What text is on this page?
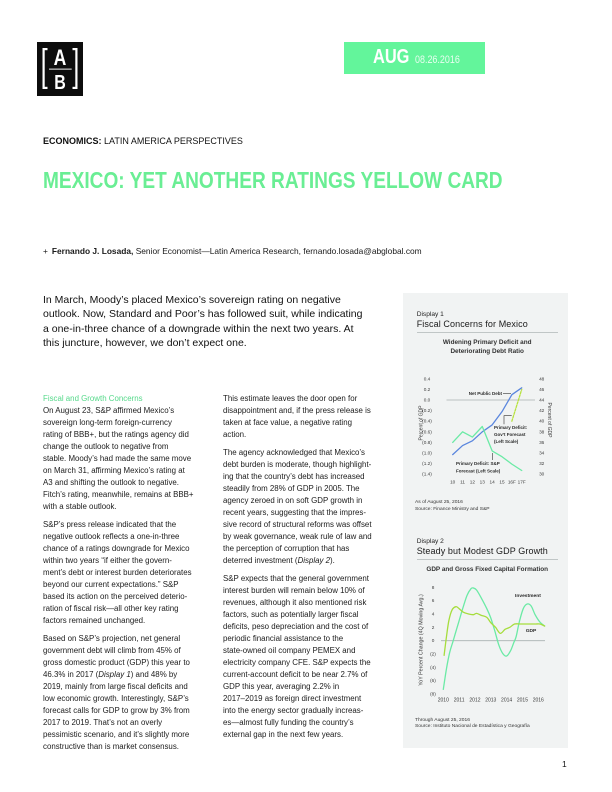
A
B
AUG 08.26.2016
ECONOMICS: LATIN AMERICA PERSPECTIVES
MEXICO: YET ANOTHER RATINGS YELLOW CARD
+ Fernando J. Losada, Senior Economist—Latin America Research, fernando.losada@abglobal.com
In March, Moody’s placed Mexico’s sovereign rating on negative
outlook. Now, Standard and Poor’s has followed suit, while indicating
a one-in-three chance of a downgrade within the next two years. At
this juncture, however, we don’t expect one.
Fiscal and Growth Concerns
On August 23, S&P affirmed Mexico’s
sovereign long-term foreign-currency
rating of BBB+, but the ratings agency did
change the outlook to negative from
stable. Moody’s had made the same move
on March 31, affirming Mexico’s rating at
A3 and shifting the outlook to negative.
Fitch’s rating, meanwhile, remains at BBB+
with a stable outlook.
S&P’s press release indicated that the
negative outlook reflects a one-in-three
chance of a ratings downgrade for Mexico
within two years “if either the govern-
ment’s debt or interest burden deteriorates
beyond our current expectations.” S&P
based its action on the perceived deterio-
ration of fiscal risk—all other key rating
factors remained unchanged.
Based on S&P’s projection, net general
government debt will climb from 45% of
gross domestic product (GDP) this year to
46.3% in 2017 (Display 1) and 48% by
2019, mainly from large fiscal deficits and
low economic growth. Interestingly, S&P’s
forecast calls for GDP to grow by 3% from
2017 to 2019. That’s not an overly
pessimistic scenario, and it’s slightly more
constructive than is market consensus.
This estimate leaves the door open for
disappointment and, if the press release is
taken at face value, a negative rating
action.
The agency acknowledged that Mexico’s
debt burden is moderate, though highlight-
ing that the country’s debt has increased
steadily from 28% of GDP in 2005. The
agency zeroed in on soft GDP growth in
recent years, suggesting that the impres-
sive record of structural reforms was offset
by weak governance, weak rule of law and
the perception of corruption that has
deterred investment (Display 2).
S&P expects that the general government
interest burden will remain below 10% of
revenues, although it also mentioned risk
factors, such as potentially larger fiscal
deficits, peso depreciation and the cost of
periodic financial assistance to the
state-owned oil company PEMEX and
electricity company CFE. S&P expects the
current-account deficit to be near 2.7% of
GDP this year, averaging 2.2% in
2017–2019 as foreign direct investment
into the energy sector gradually increas-
es—almost fully funding the country’s
external gap in the next few years.
Display 1
Fiscal Concerns for Mexico
Widening Primary Deficit and
Deteriorating Debt Ratio
0.4
0.2
0.0
(0.2)
(0.4)
(0.6)
(0.8)
(1.0)
(1.2)
(1.4)
48
46
44
42
40
38
36
34
32
30
10 11 12 13 14 15 16F 17F
Percent of GDP	Percent of GDP
Net Public Debt
Primary Deficit:
Gov’t Forecast
(Left Scale)
Primary Deficit: S&P
Forecast (Left Scale)
As of August 25, 2016
Source: Finance Ministry and S&P
Display 2
Steady but Modest GDP Growth
GDP and Gross Fixed Capital Formation
8
6
4
2
0
(2)
(4)
(6)
(8)
2010 2011 2012 2013 2014 2015 2016
YoY Percent Change (4Q Moving Avg.)	Investment
GDP
Through August 25, 2016
Source: Instituto Nacional de Estadística y Geografía
1
